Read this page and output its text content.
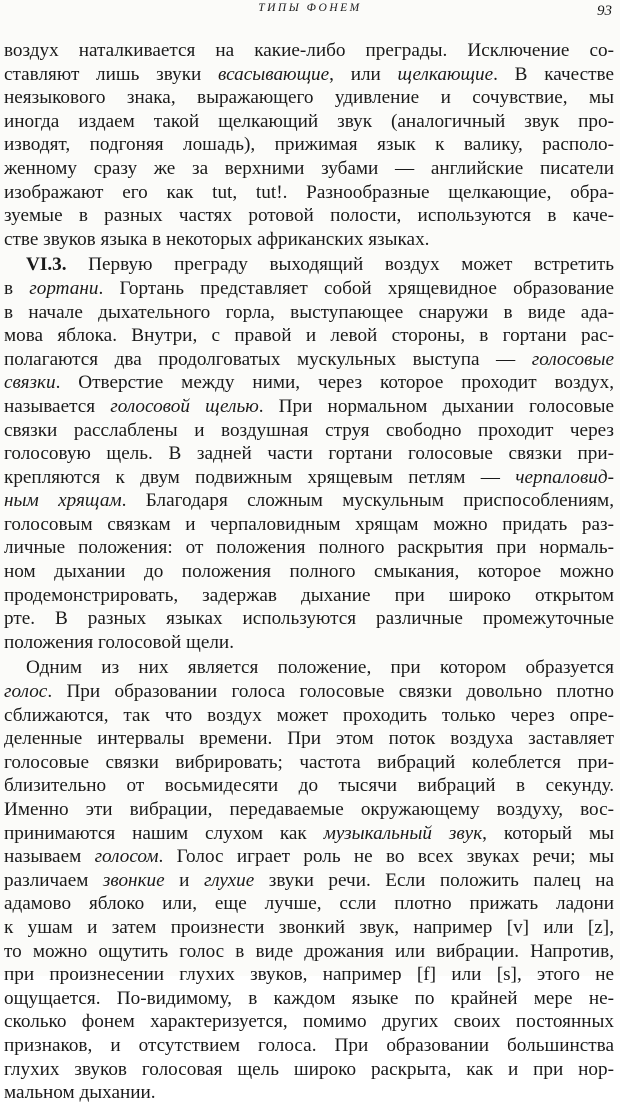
ТИПЫ ФОНЕМ	93
воздух наталкивается на какие-либо преграды. Исключение со-
ставляют лишь звуки всасывающие, или щелкающие. В качестве
неязыкового знака, выражающего удивление и сочувствие, мы
иногда издаем такой щелкающий звук (аналогичный звук про-
изводят, подгоняя лошадь), прижимая язык к валику, располо-
женному сразу же за верхними зубами — английские писатели
изображают его как tut, tut!. Разнообразные щелкающие, обра-
зуемые в разных частях ротовой полости, используются в каче-
стве звуков языка в некоторых африканских языках.
VI.3. Первую преграду выходящий воздух может встретить
в гортани. Гортань представляет собой хрящевидное образование
в начале дыхательного горла, выступающее снаружи в виде ада-
мова яблока. Внутри, с правой и левой стороны, в гортани рас-
полагаются два продолговатых мускульных выступа — голосовые
связки. Отверстие между ними, через которое проходит воздух,
называется голосовой щелью. При нормальном дыхании голосовые
связки расслаблены и воздушная струя свободно проходит через
голосовую щель. В задней части гортани голосовые связки при-
крепляются к двум подвижным хрящевым петлям — черпаловид-
ным хрящам. Благодаря сложным мускульным приспособлениям,
голосовым связкам и черпаловидным хрящам можно придать раз-
личные положения: от положения полного раскрытия при нормаль-
ном дыхании до положения полного смыкания, которое можно
продемонстрировать, задержав дыхание при широко открытом
рте. В разных языках используются различные промежуточные
положения голосовой щели.
Одним из них является положение, при котором образуется
голос. При образовании голоса голосовые связки довольно плотно
сближаются, так что воздух может проходить только через опре-
деленные интервалы времени. При этом поток воздуха заставляет
голосовые связки вибрировать; частота вибраций колеблется при-
близительно от восьмидесяти до тысячи вибраций в секунду.
Именно эти вибрации, передаваемые окружающему воздуху, вос-
принимаются нашим слухом как музыкальный звук, который мы
называем голосом. Голос играет роль не во всех звуках речи; мы
различаем звонкие и глухие звуки речи. Если положить палец на
адамово яблоко или, еще лучше, ссли плотно прижать ладони
к ушам и затем произнести звонкий звук, например [v] или [z],
то можно ощутить голос в виде дрожания или вибрации. Напротив,
при произнесении глухих звуков, например [f] или [s], этого не
ощущается. По-видимому, в каждом языке по крайней мере не-
сколько фонем характеризуется, помимо других своих постоянных
признаков, и отсутствием голоса. При образовании большинства
глухих звуков голосовая щель широко раскрыта, как и при нор-
мальном дыхании.
